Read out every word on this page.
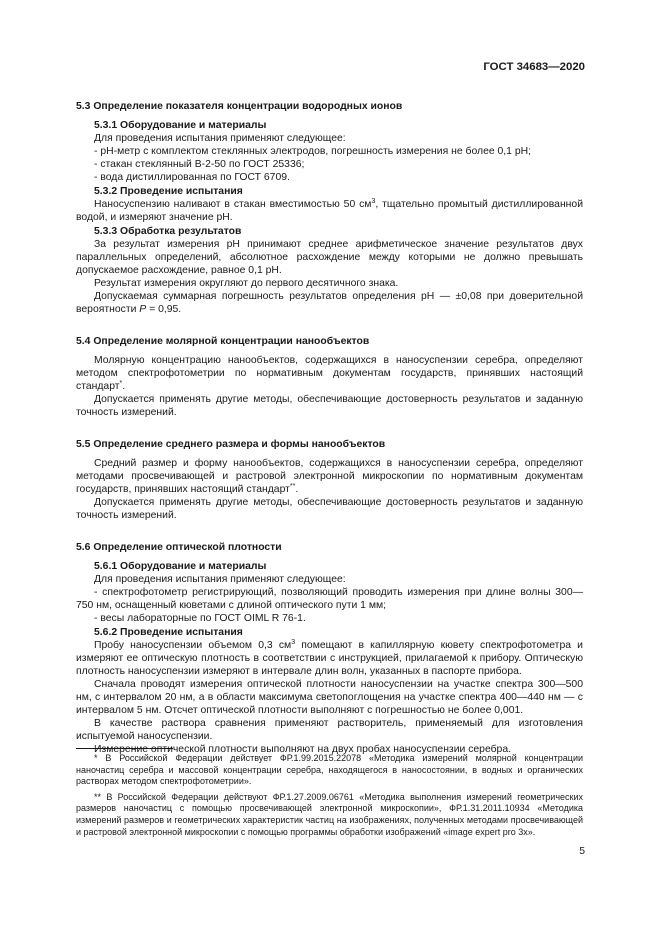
ГОСТ 34683—2020

5.3 Определение показателя концентрации водородных ионов

5.3.1 Оборудование и материалы

Для проведения испытания применяют следующее:

- рН-метр с комплектом стеклянных электродов, погрешность измерения не более 0,1 рН;

- стакан стеклянный В-2-50 по ГОСТ 25336;

- вода дистиллированная по ГОСТ 6709.

5.3.2 Проведение испытания

Наносуспензию наливают в стакан вместимостью 50 $см^3$, тщательно промытый дистиллированной водой, и измеряют значение рН.

5.3.3 Обработка результатов

За результат измерения рН принимают среднее арифметическое значение результатов двух параллельных определений, абсолютное расхождение между которыми не должно превышать допускаемое расхождение, равное 0,1 рН.

Результат измерения округляют до первого десятичного знака.

Допускаемая суммарная погрешность результатов определения рН — ±0,08 при доверительной вероятности P = 0,95.

5.4 Определение молярной концентрации нанообъектов

Молярную концентрацию нанообъектов, содержащихся в наносуспензии серебра, определяют методом спектрофотометрии по нормативным документам государств, принявших настоящий стандарт*.

Допускается применять другие методы, обеспечивающие достоверность результатов и заданную точность измерений.

5.5 Определение среднего размера и формы нанообъектов

Средний размер и форму нанообъектов, содержащихся в наносуспензии серебра, определяют методами просвечивающей и растровой электронной микроскопии по нормативным документам государств, принявших настоящий стандарт**.

Допускается применять другие методы, обеспечивающие достоверность результатов и заданную точность измерений.

5.6 Определение оптической плотности

5.6.1 Оборудование и материалы

Для проведения испытания применяют следующее:

- спектрофотометр регистрирующий, позволяющий проводить измерения при длине волны 300—750 нм, оснащенный кюветами с длиной оптического пути 1 мм;

- весы лабораторные по ГОСТ OIML R 76-1.

5.6.2 Проведение испытания

Пробу наносуспензии объемом 0,3 $см^3$ помещают в капиллярную кювету спектрофотометра и измеряют ее оптическую плотность в соответствии с инструкцией, прилагаемой к прибору. Оптическую плотность наносуспензии измеряют в интервале длин волн, указанных в паспорте прибора.

Сначала проводят измерения оптической плотности наносуспензии на участке спектра 300—500 нм, с интервалом 20 нм, а в области максимума светопоглощения на участке спектра 400—440 нм — с интервалом 5 нм. Отсчет оптической плотности выполняют с погрешностью не более 0,001.

В качестве раствора сравнения применяют растворитель, применяемый для изготовления испытуемой наносуспензии.

Измерение оптической плотности выполняют на двух пробах наносуспензии серебра.

* В Российской Федерации действует ФР.1.99.2015.22078 «Методика измерений молярной концентрации наночастиц серебра и массовой концентрации серебра, находящегося в наносостоянии, в водных и органических растворах методом спектрофотометрии».

** В Российской Федерации действуют ФР.1.27.2009.06761 «Методика выполнения измерений геометрических размеров наночастиц с помощью просвечивающей электронной микроскопии», ФР.1.31.2011.10934 «Методика измерений размеров и геометрических характеристик частиц на изображениях, полученных методами просвечивающей и растровой электронной микроскопии с помощью программы обработки изображений «image expert pro 3x».

5
